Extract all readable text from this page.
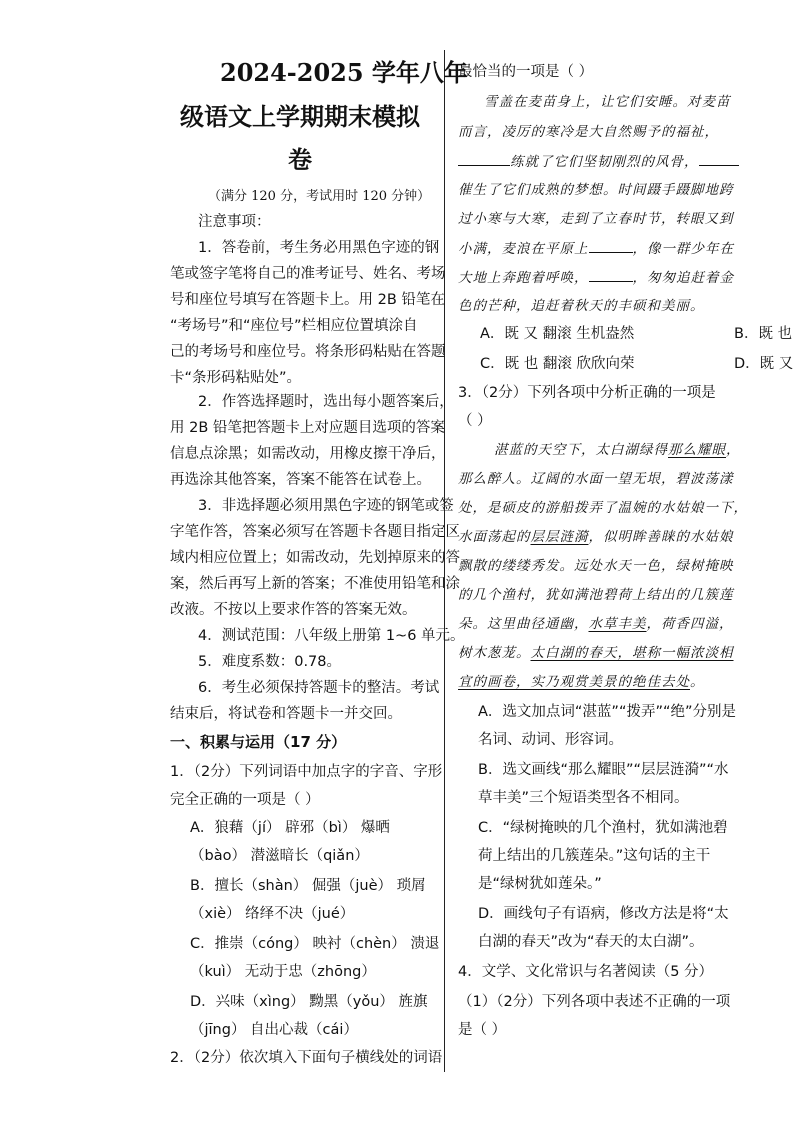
2024-2025 学年八年
级语文上学期期末模拟
卷
（满分 120 分，考试用时 120 分钟）
注意事项：
1．答卷前，考生务必用黑色字迹的钢
笔或签字笔将自己的准考证号、姓名、考场
号和座位号填写在答题卡上。用 2B 铅笔在
“考场号”和“座位号”栏相应位置填涂自
己的考场号和座位号。将条形码粘贴在答题
卡“条形码粘贴处”。
2．作答选择题时，选出每小题答案后，
用 2B 铅笔把答题卡上对应题目选项的答案
信息点涂黑；如需改动，用橡皮擦干净后，
再选涂其他答案，答案不能答在试卷上。
3．非选择题必须用黑色字迹的钢笔或签
字笔作答，答案必须写在答题卡各题目指定区
域内相应位置上；如需改动，先划掉原来的答
案，然后再写上新的答案；不准使用铅笔和涂
改液。不按以上要求作答的答案无效。
4．测试范围：八年级上册第 1~6 单元。
5．难度系数：0.78。
6．考生必须保持答题卡的整洁。考试
结束后，将试卷和答题卡一并交回。
一、积累与运用（17 分）
1．（2分）下列词语中加点字的字音、字形
完全正确的一项是（ ）
A．狼藉（jí） 辟邪（bì） 爆晒
（bào） 潜滋暗长（qiǎn）
B．擅长（shàn） 倔强（juè） 琐屑
（xiè） 络绎不决（jué）
C．推崇（cóng） 映衬（chèn） 溃退
（kuì） 无动于忠（zhōng）
D．兴味（xìng） 黝黑（yǒu） 旌旗
（jīng） 自出心裁（cái）
2．（2分）依次填入下面句子横线处的词语
最恰当的一项是（ ）
雪盖在麦苗身上，让它们安睡。对麦苗
而言，凌厉的寒冷是大自然赐予的福祉，
练就了它们坚韧刚烈的风骨，
催生了它们成熟的梦想。时间蹑手蹑脚地跨
过小寒与大寒，走到了立春时节，转眼又到
小满，麦浪在平原上	，像一群少年在
大地上奔跑着呼唤，	，匆匆追赶着金
色的芒种，追赶着秋天的丰硕和美丽。
A．既 又 翻滚 生机盎然	B．既 也
C．既 也 翻滚 欣欣向荣	D．既 又
3．（2分）下列各项中分析正确的一项是
（ ）
湛蓝的天空下，太白湖绿得那么耀眼，
那么醉人。辽阔的水面一望无垠，碧波荡漾
处，是硕皮的游船拨弄了温婉的水姑娘一下，
水面荡起的层层涟漪，似明眸善睐的水姑娘
飘散的缕缕秀发。远处水天一色，绿树掩映
的几个渔村，犹如满池碧荷上结出的几簇莲
朵。这里曲径通幽，水草丰美，荷香四溢，
树木葱茏。太白湖的春天，堪称一幅浓淡相
宜的画卷，实乃观赏美景的绝佳去处。
A．选文加点词“湛蓝”“拨弄”“绝”分别是
名词、动词、形容词。
B．选文画线“那么耀眼”“层层涟漪”“水
草丰美”三个短语类型各不相同。
C．“绿树掩映的几个渔村，犹如满池碧
荷上结出的几簇莲朵。”这句话的主干
是“绿树犹如莲朵。”
D．画线句子有语病，修改方法是将“太
白湖的春天”改为“春天的太白湖”。
4．文学、文化常识与名著阅读（5 分）
（1）（2分）下列各项中表述不正确的一项
是（ ）
